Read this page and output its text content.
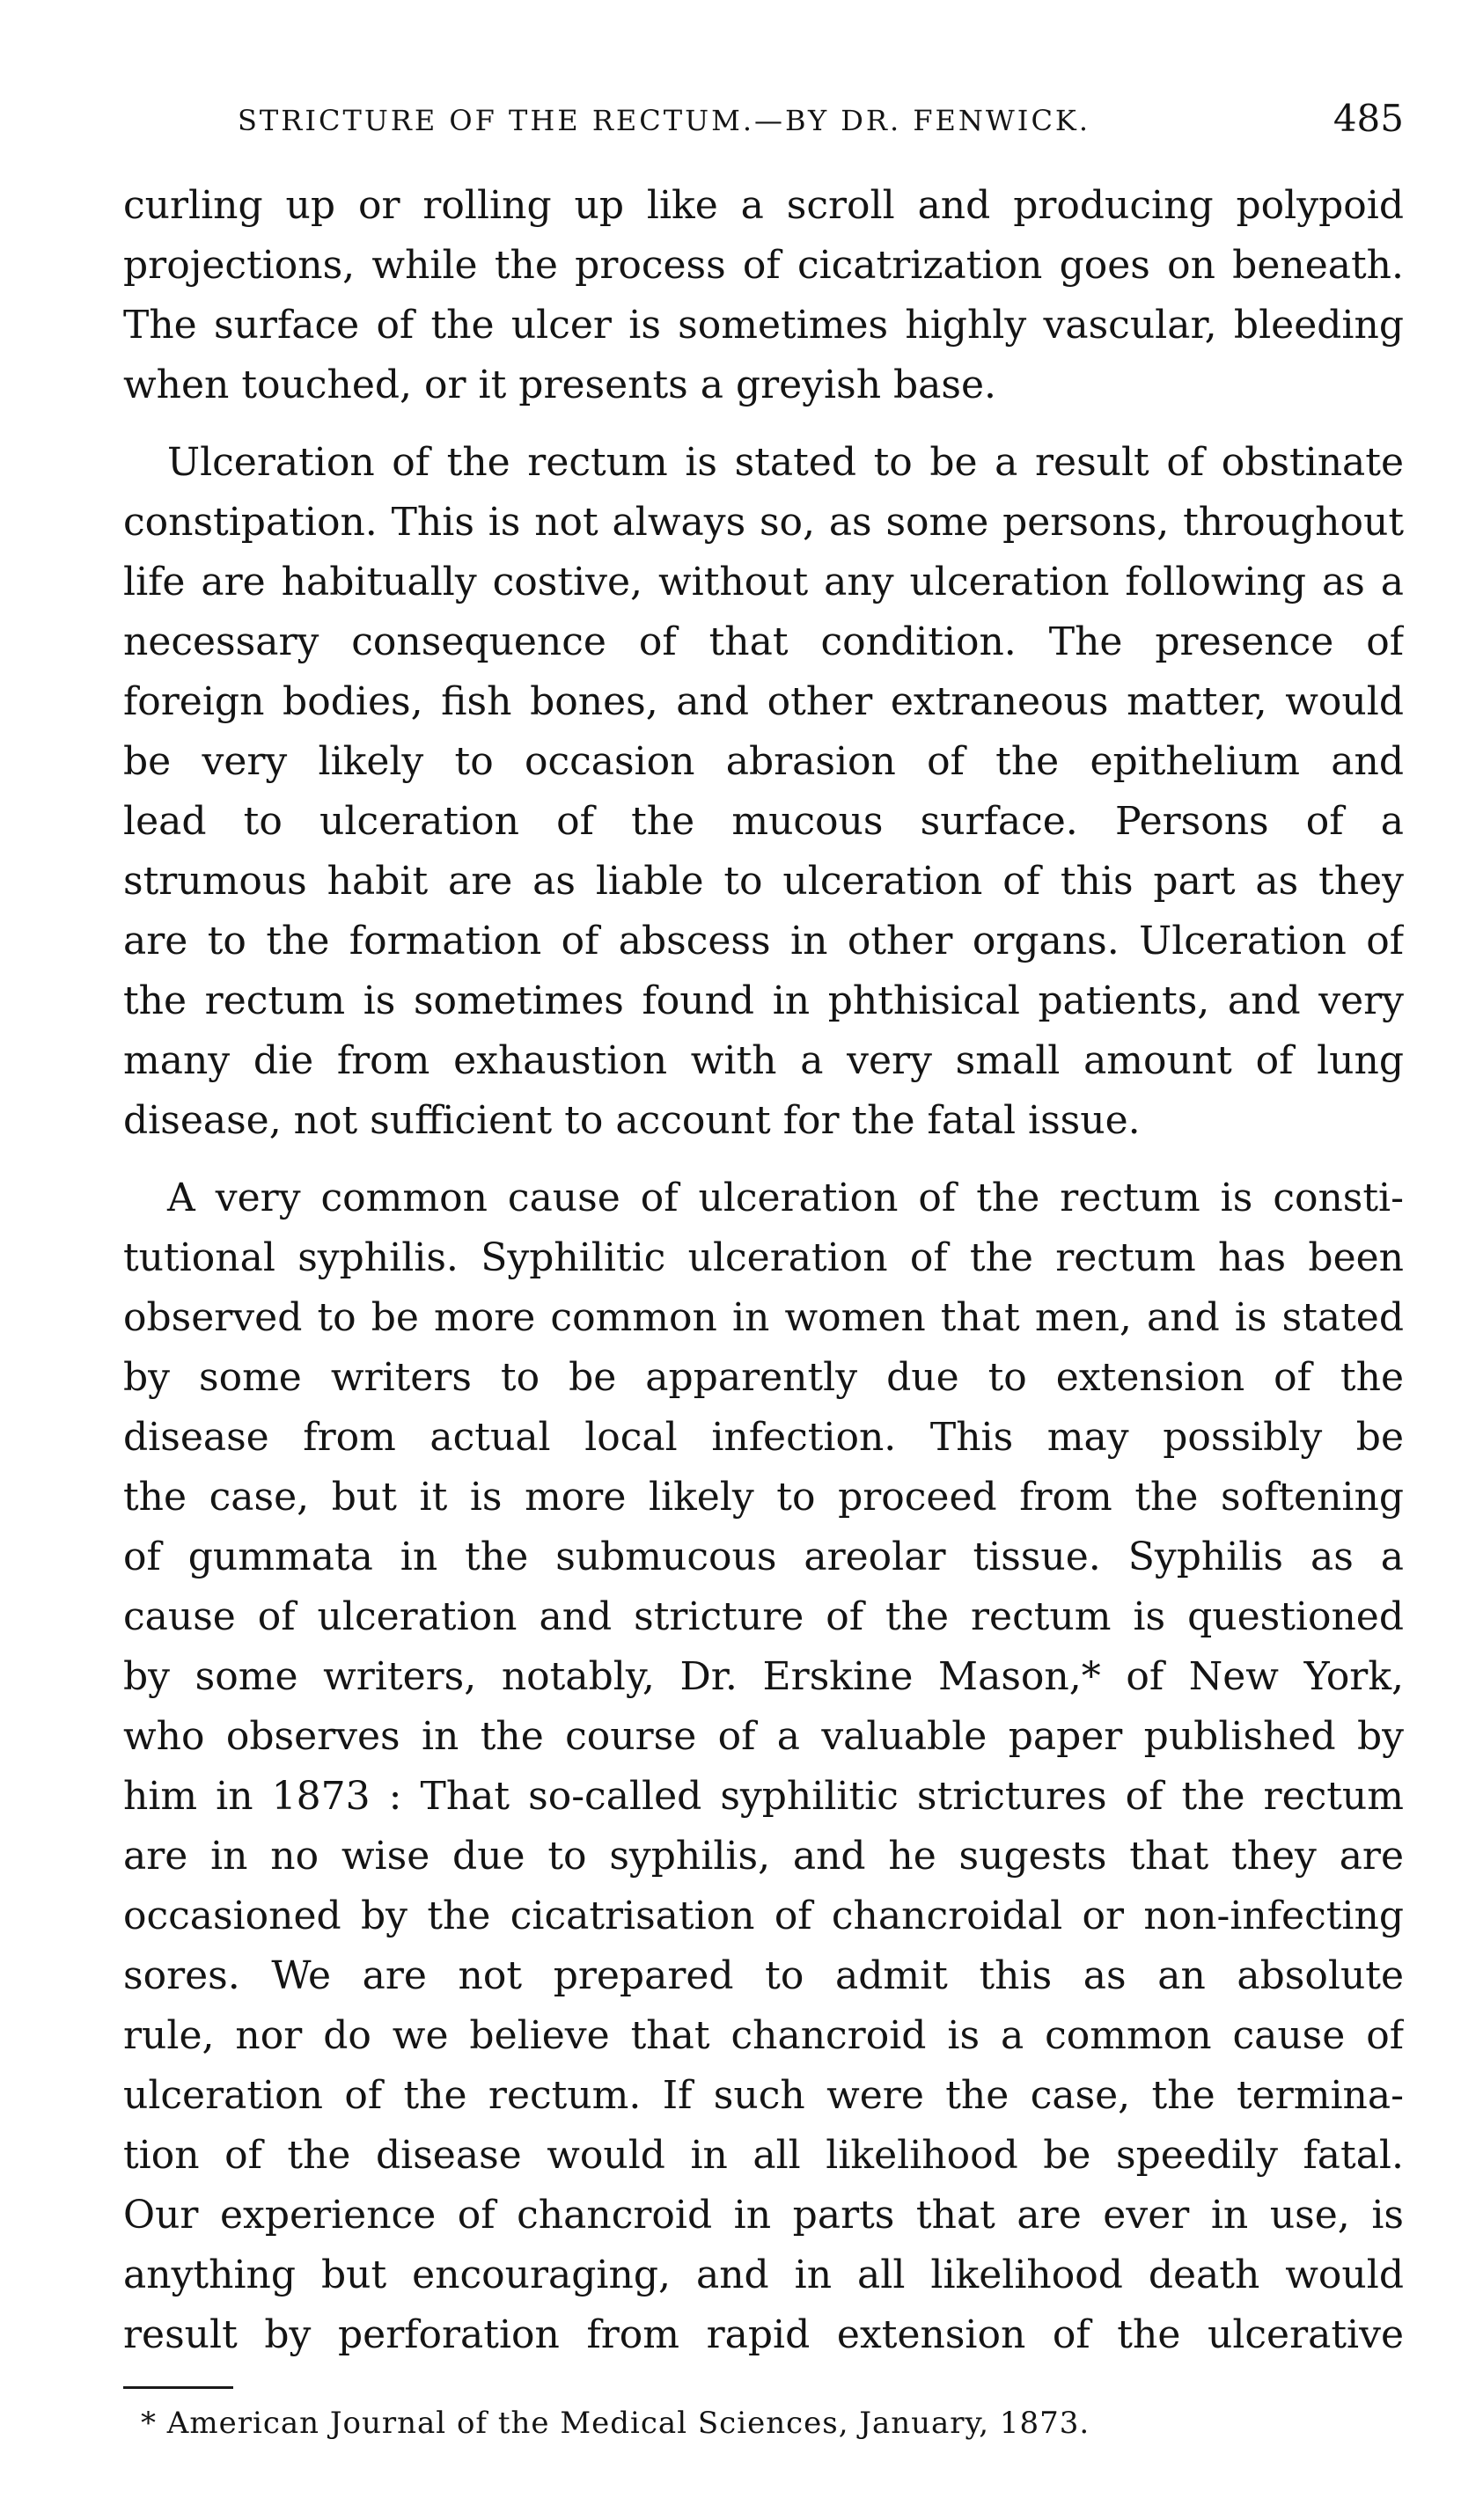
STRICTURE OF THE RECTUM.—BY DR. FENWICK.	485
curling up or rolling up like a scroll and producing polypoid
projections, while the process of cicatrization goes on beneath.
The surface of the ulcer is sometimes highly vascular, bleeding
when touched, or it presents a greyish base.
Ulceration of the rectum is stated to be a result of obstinate
constipation. This is not always so, as some persons, throughout
life are habitually costive, without any ulceration following as a
necessary consequence of that condition. The presence of
foreign bodies, fish bones, and other extraneous matter, would
be very likely to occasion abrasion of the epithelium and
lead to ulceration of the mucous surface. Persons of a
strumous habit are as liable to ulceration of this part as they
are to the formation of abscess in other organs. Ulceration of
the rectum is sometimes found in phthisical patients, and very
many die from exhaustion with a very small amount of lung
disease, not sufficient to account for the fatal issue.
A very common cause of ulceration of the rectum is consti-
tutional syphilis. Syphilitic ulceration of the rectum has been
observed to be more common in women that men, and is stated
by some writers to be apparently due to extension of the
disease from actual local infection. This may possibly be
the case, but it is more likely to proceed from the softening
of gummata in the submucous areolar tissue. Syphilis as a
cause of ulceration and stricture of the rectum is questioned
by some writers, notably, Dr. Erskine Mason,* of New York,
who observes in the course of a valuable paper published by
him in 1873 : That so-called syphilitic strictures of the rectum
are in no wise due to syphilis, and he sugests that they are
occasioned by the cicatrisation of chancroidal or non-infecting
sores. We are not prepared to admit this as an absolute
rule, nor do we believe that chancroid is a common cause of
ulceration of the rectum. If such were the case, the termina-
tion of the disease would in all likelihood be speedily fatal.
Our experience of chancroid in parts that are ever in use, is
anything but encouraging, and in all likelihood death would
result by perforation from rapid extension of the ulcerative
* American Journal of the Medical Sciences, January, 1873.
